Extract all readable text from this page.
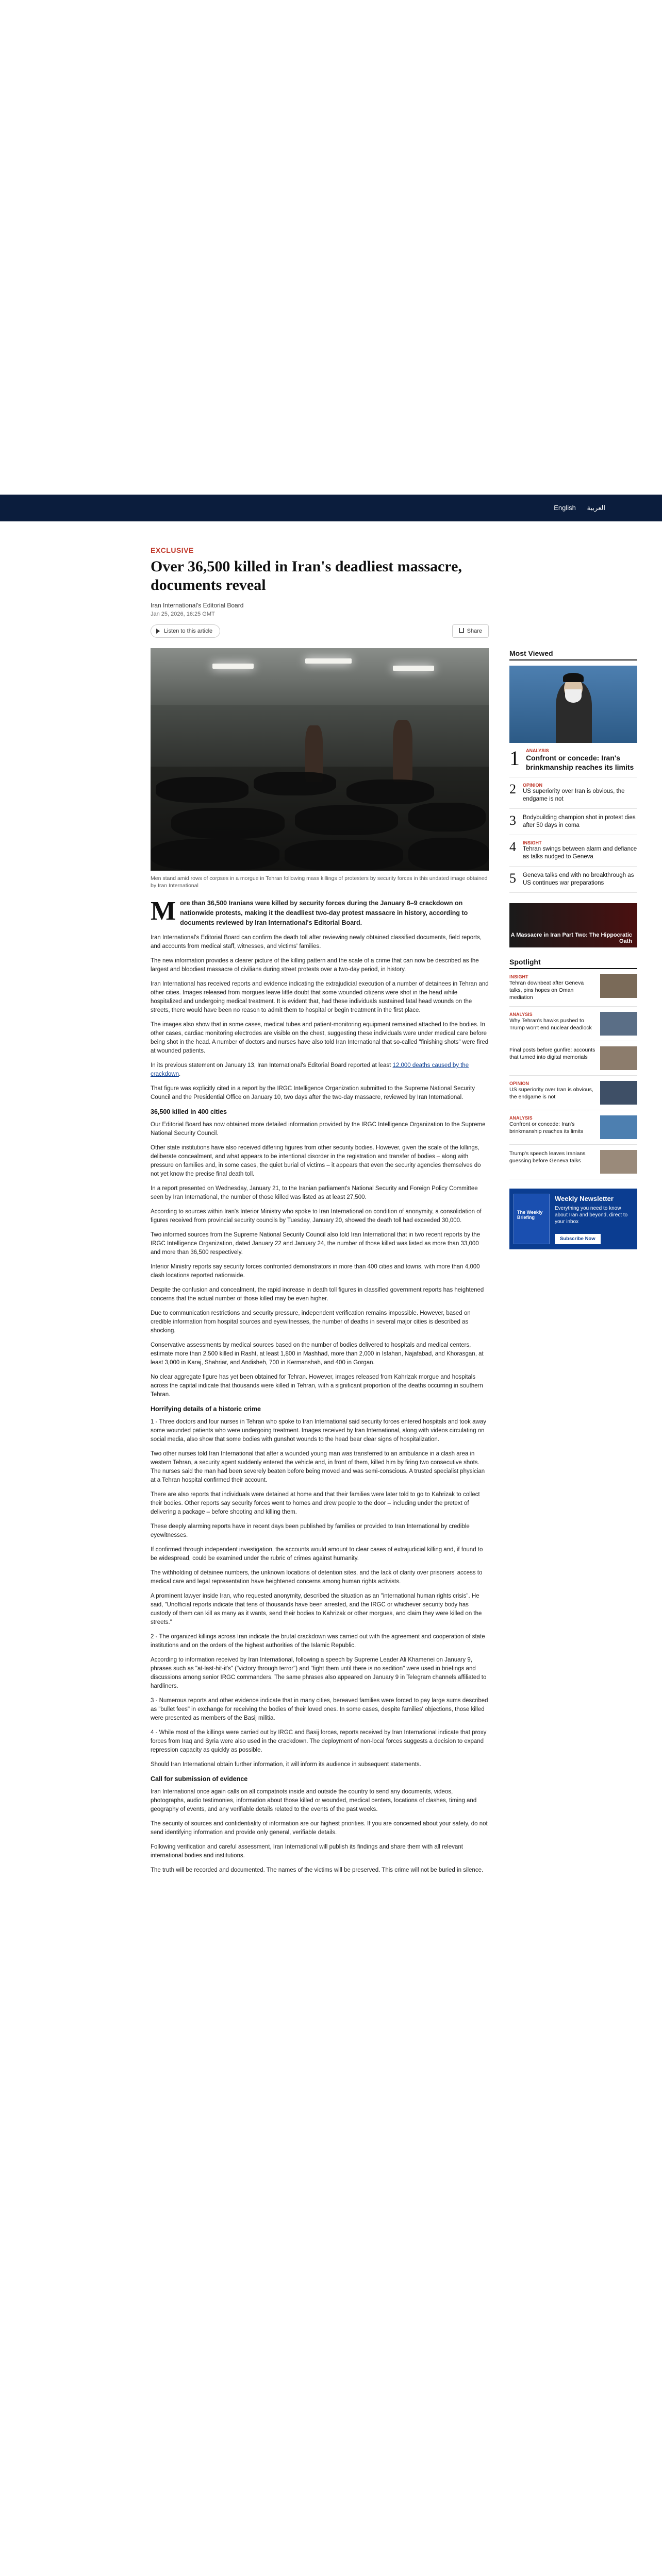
English العربية
EXCLUSIVE
Over 36,500 killed in Iran's deadliest massacre, documents reveal
Iran International's Editorial Board
Jan 25, 2026, 16:25 GMT
Listen to this article	Share
Men stand amid rows of corpses in a morgue in Tehran following mass killings of protesters by security forces in this undated image obtained by Iran International

More than 36,500 Iranians were killed by security forces during the January 8–9 crackdown on nationwide protests, making it the deadliest two-day protest massacre in history, according to documents reviewed by Iran International's Editorial Board.

Iran International's Editorial Board can confirm the death toll after reviewing newly obtained classified documents, field reports, and accounts from medical staff, witnesses, and victims' families.

The new information provides a clearer picture of the killing pattern and the scale of a crime that can now be described as the largest and bloodiest massacre of civilians during street protests over a two-day period, in history.

Iran International has received reports and evidence indicating the extrajudicial execution of a number of detainees in Tehran and other cities. Images released from morgues leave little doubt that some wounded citizens were shot in the head while hospitalized and undergoing medical treatment. It is evident that, had these individuals sustained fatal head wounds on the streets, there would have been no reason to admit them to hospital or begin treatment in the first place.

The images also show that in some cases, medical tubes and patient-monitoring equipment remained attached to the bodies. In other cases, cardiac monitoring electrodes are visible on the chest, suggesting these individuals were under medical care before being shot in the head. A number of doctors and nurses have also told Iran International that so-called "finishing shots" were fired at wounded patients.

In its previous statement on January 13, Iran International's Editorial Board reported at least 12,000 deaths caused by the crackdown.

That figure was explicitly cited in a report by the IRGC Intelligence Organization submitted to the Supreme National Security Council and the Presidential Office on January 10, two days after the two-day massacre, reviewed by Iran International.

36,500 killed in 400 cities

Our Editorial Board has now obtained more detailed information provided by the IRGC Intelligence Organization to the Supreme National Security Council.

Other state institutions have also received differing figures from other security bodies. However, given the scale of the killings, deliberate concealment, and what appears to be intentional disorder in the registration and transfer of bodies – along with pressure on families and, in some cases, the quiet burial of victims – it appears that even the security agencies themselves do not yet know the precise final death toll.

In a report presented on Wednesday, January 21, to the Iranian parliament's National Security and Foreign Policy Committee seen by Iran International, the number of those killed was listed as at least 27,500.

According to sources within Iran's Interior Ministry who spoke to Iran International on condition of anonymity, a consolidation of figures received from provincial security councils by Tuesday, January 20, showed the death toll had exceeded 30,000.

Two informed sources from the Supreme National Security Council also told Iran International that in two recent reports by the IRGC Intelligence Organization, dated January 22 and January 24, the number of those killed was listed as more than 33,000 and more than 36,500 respectively.

Interior Ministry reports say security forces confronted demonstrators in more than 400 cities and towns, with more than 4,000 clash locations reported nationwide.

Despite the confusion and concealment, the rapid increase in death toll figures in classified government reports has heightened concerns that the actual number of those killed may be even higher.

Due to communication restrictions and security pressure, independent verification remains impossible. However, based on credible information from hospital sources and eyewitnesses, the number of deaths in several major cities is described as shocking.

Conservative assessments by medical sources based on the number of bodies delivered to hospitals and medical centers, estimate more than 2,500 killed in Rasht, at least 1,800 in Mashhad, more than 2,000 in Isfahan, Najafabad, and Khorasgan, at least 3,000 in Karaj, Shahriar, and Andisheh, 700 in Kermanshah, and 400 in Gorgan.

No clear aggregate figure has yet been obtained for Tehran. However, images released from Kahrizak morgue and hospitals across the capital indicate that thousands were killed in Tehran, with a significant proportion of the deaths occurring in southern Tehran.

Horrifying details of a historic crime

1 - Three doctors and four nurses in Tehran who spoke to Iran International said security forces entered hospitals and took away some wounded patients who were undergoing treatment. Images received by Iran International, along with videos circulating on social media, also show that some bodies with gunshot wounds to the head bear clear signs of hospitalization.

Two other nurses told Iran International that after a wounded young man was transferred to an ambulance in a clash area in western Tehran, a security agent suddenly entered the vehicle and, in front of them, killed him by firing two consecutive shots. The nurses said the man had been severely beaten before being moved and was semi-conscious. A trusted specialist physician at a Tehran hospital confirmed their account.

There are also reports that individuals were detained at home and that their families were later told to go to Kahrizak to collect their bodies. Other reports say security forces went to homes and drew people to the door – including under the pretext of delivering a package – before shooting and killing them.

These deeply alarming reports have in recent days been published by families or provided to Iran International by credible eyewitnesses.

If confirmed through independent investigation, the accounts would amount to clear cases of extrajudicial killing and, if found to be widespread, could be examined under the rubric of crimes against humanity.

The withholding of detainee numbers, the unknown locations of detention sites, and the lack of clarity over prisoners' access to medical care and legal representation have heightened concerns among human rights activists.

A prominent lawyer inside Iran, who requested anonymity, described the situation as an "international human rights crisis". He said, "Unofficial reports indicate that tens of thousands have been arrested, and the IRGC or whichever security body has custody of them can kill as many as it wants, send their bodies to Kahrizak or other morgues, and claim they were killed on the streets."

2 - The organized killings across Iran indicate the brutal crackdown was carried out with the agreement and cooperation of state institutions and on the orders of the highest authorities of the Islamic Republic.

According to information received by Iran International, following a speech by Supreme Leader Ali Khamenei on January 9, phrases such as "at-last-hit-it's" ("victory through terror") and "fight them until there is no sedition" were used in briefings and discussions among senior IRGC commanders. The same phrases also appeared on January 9 in Telegram channels affiliated to hardliners.

3 - Numerous reports and other evidence indicate that in many cities, bereaved families were forced to pay large sums described as "bullet fees" in exchange for receiving the bodies of their loved ones. In some cases, despite families' objections, those killed were presented as members of the Basij militia.

4 - While most of the killings were carried out by IRGC and Basij forces, reports received by Iran International indicate that proxy forces from Iraq and Syria were also used in the crackdown. The deployment of non-local forces suggests a decision to expand repression capacity as quickly as possible.

Should Iran International obtain further information, it will inform its audience in subsequent statements.

Call for submission of evidence

Iran International once again calls on all compatriots inside and outside the country to send any documents, videos, photographs, audio testimonies, information about those killed or wounded, medical centers, locations of clashes, timing and geography of events, and any verifiable details related to the events of the past weeks.

The security of sources and confidentiality of information are our highest priorities. If you are concerned about your safety, do not send identifying information and provide only general, verifiable details.

Following verification and careful assessment, Iran International will publish its findings and share them with all relevant international bodies and institutions.

The truth will be recorded and documented. The names of the victims will be preserved. This crime will not be buried in silence.

Most Viewed
1	ANALYSIS
Confront or concede: Iran's brinkmanship reaches its limits
2	OPINION
US superiority over Iran is obvious, the endgame is not
3	Bodybuilding champion shot in protest dies after 50 days in coma
4	INSIGHT
Tehran swings between alarm and defiance as talks nudged to Geneva
5	Geneva talks end with no breakthrough as US continues war preparations
A Massacre in Iran Part Two: The Hippocratic Oath
Spotlight
INSIGHT
Tehran downbeat after Geneva talks, pins hopes on Oman mediation
ANALYSIS
Why Tehran's hawks pushed to Trump won't end nuclear deadlock
Final posts before gunfire: accounts that turned into digital memorials
OPINION
US superiority over Iran is obvious, the endgame is not
ANALYSIS
Confront or concede: Iran's brinkmanship reaches its limits
Trump's speech leaves Iranians guessing before Geneva talks
The Weekly Briefing
Weekly Newsletter
Everything you need to know about Iran and beyond, direct to your inbox
Subscribe Now
